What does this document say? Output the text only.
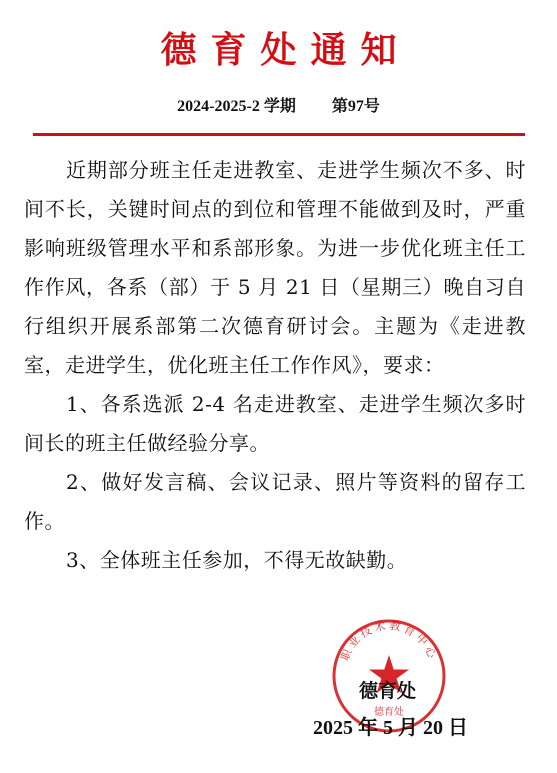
德育处通知
2024-2025-2 学期 第97号

近期部分班主任走进教室、走进学生频次不多、时间不长，关键时间点的到位和管理不能做到及时，严重影响班级管理水平和系部形象。为进一步优化班主任工作作风，各系（部）于 5 月 21 日（星期三）晚自习自行组织开展系部第二次德育研讨会。主题为《走进教室，走进学生，优化班主任工作作风》，要求：

1、各系选派 2-4 名走进教室、走进学生频次多时间长的班主任做经验分享。

2、做好发言稿、会议记录、照片等资料的留存工作。

3、全体班主任参加，不得无故缺勤。

职业技术教育中心
德育处
德育处
2025 年 5 月 20 日
